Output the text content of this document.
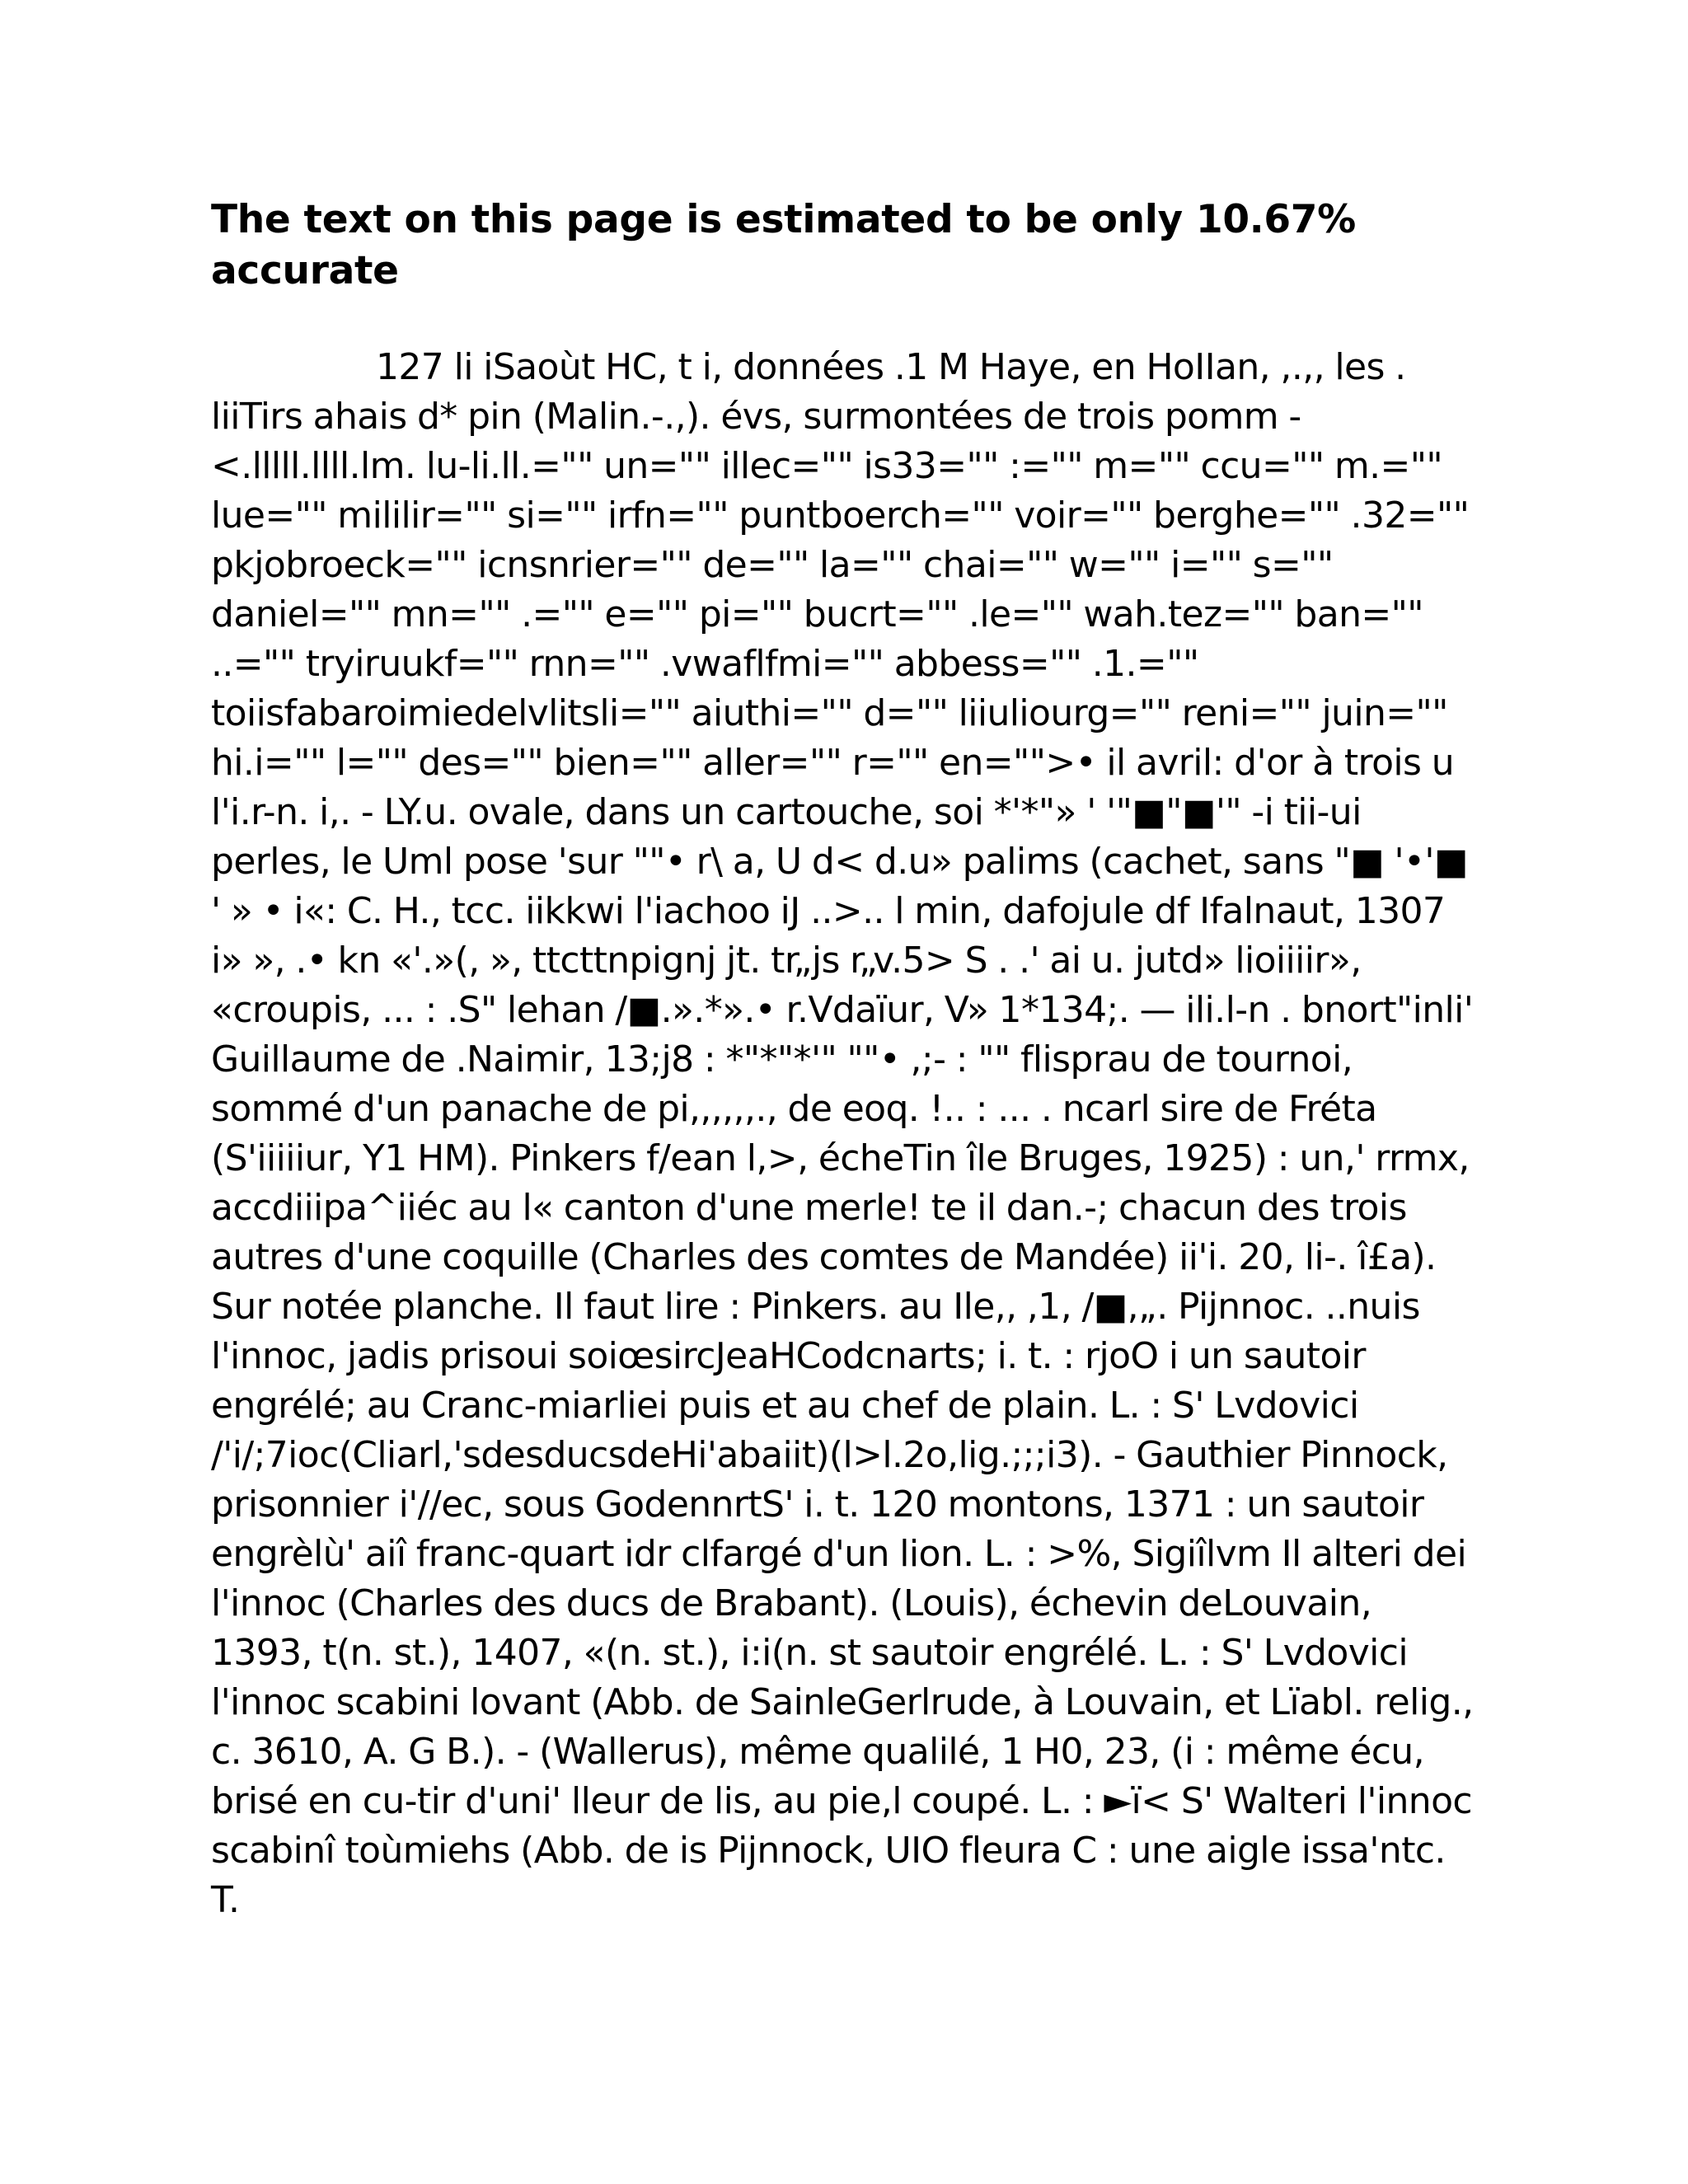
The text on this page is estimated to be only 10.67% accurate

127 li iSaoùt HC, t i, données .1 M Haye, en HoIIan, ,.,, les . liiTirs ahais d* pin (Malin.-.,). évs, surmontées de trois pomm - <.lllll.llll.lm. lu-li.ll.="" un="" illec="" is33="" :="" m="" ccu="" m.="" lue="" mililir="" si="" irfn="" puntboerch="" voir="" berghe="" .32="" pkjobroeck="" icnsnrier="" de="" la="" chai="" w="" i="" s="" daniel="" mn="" .="" e="" pi="" bucrt="" .le="" wah.tez="" ban="" ..="" tryiruukf="" rnn="" .vwaflfmi="" abbess="" .1.="" toiisfabaroimiedelvlitsli="" aiuthi="" d="" liiuliourg="" reni="" juin="" hi.i="" l="" des="" bien="" aller="" r="" en="">• il avril: d'or à trois u l'i.r-n. i,. - LY.u. ovale, dans un cartouche, soi *'*"» ' '"■"■'" -i tii-ui perles, le Uml pose 'sur ""• r\ a, U d< d.u» palims (cachet, sans "■ '•'■ ' » • i«: C. H., tcc. iikkwi l'iachoo iJ ..>.. l min, dafojule df Ifalnaut, 1307 i» », .• kn «'.»(, », ttcttnpignj jt. tr„js r„v.5> S . .' ai u. jutd» lioiiiir», «croupis, ... : .S" lehan /■.».*».• r.Vdaïur, V» 1*134;. — ili.l-n . bnort"inli' Guillaume de .Naimir, 13;j8 : *"*"*'" ""• ,;- : "" flisprau de tournoi, sommé d'un panache de pi,,,,,,., de eoq. !.. : ... . ncarl sire de Fréta (S'iiiiiur, Y1 HM). Pinkers f/ean l,>, écheTin île Bruges, 1925) : un,' rrmx, accdiiipa^iiéc au l« canton d'une merle! te il dan.-; chacun des trois autres d'une coquille (Charles des comtes de Mandée) ii'i. 20, li-. î£a). Sur notée planche. Il faut lire : Pinkers. au Ile,, ,1, /■,„. Pijnnoc. ..nuis l'innoc, jadis prisoui soiœsircJeaHCodcnarts; i. t. : rjoO i un sautoir engrélé; au Cranc-miarliei puis et au chef de plain. L. : S' Lvdovici /'i/;7ioc(Cliarl,'sdesducsdeHi'abaiit)(l>l.2o,lig.;;;i3). - Gauthier Pinnock, prisonnier i'//ec, sous GodennrtS' i. t. 120 montons, 1371 : un sautoir engrèlù' aiî franc-quart idr clfargé d'un lion. L. : >%, Sigiîlvm Il alteri dei l'innoc (Charles des ducs de Brabant). (Louis), échevin deLouvain, 1393, t(n. st.), 1407, «(n. st.), i:i(n. st sautoir engrélé. L. : S' Lvdovici l'innoc scabini lovant (Abb. de SainleGerlrude, à Louvain, et Lïabl. relig., c. 3610, A. G B.). - (Wallerus), même qualilé, 1 H0, 23, (i : même écu, brisé en cu-tir d'uni' lleur de lis, au pie,l coupé. L. : ►ï< S' Walteri l'innoc scabinî toùmiehs (Abb. de is Pijnnock, UIO fleura C : une aigle issa'ntc. T.
